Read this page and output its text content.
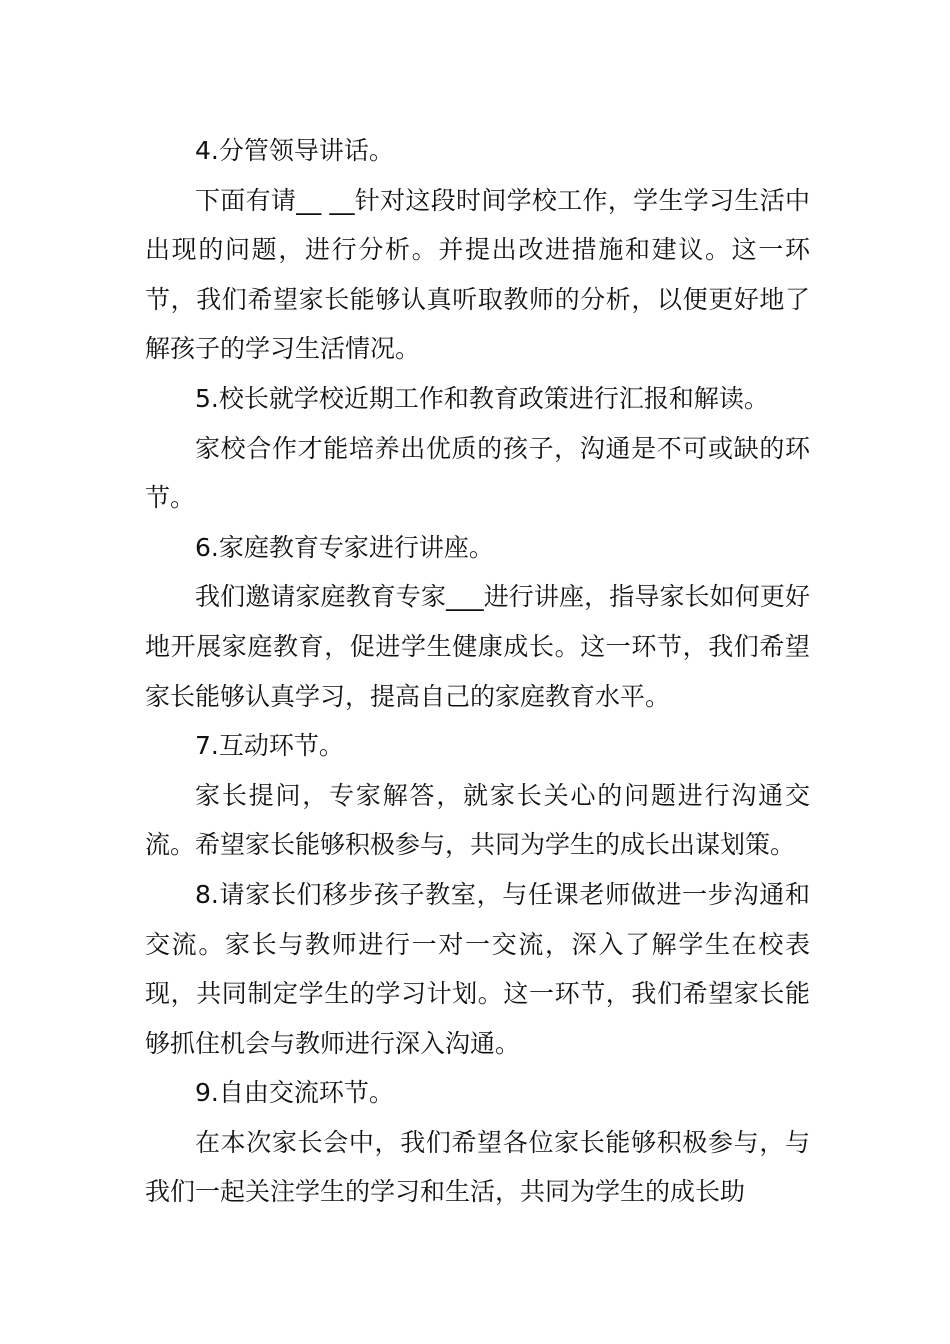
4.分管领导讲话。

下面有请__ __针对这段时间学校工作，学生学习生活中出现的问题，进行分析。并提出改进措施和建议。这一环节，我们希望家长能够认真听取教师的分析，以便更好地了解孩子的学习生活情况。

5.校长就学校近期工作和教育政策进行汇报和解读。

家校合作才能培养出优质的孩子，沟通是不可或缺的环节。

6.家庭教育专家进行讲座。

我们邀请家庭教育专家___进行讲座，指导家长如何更好地开展家庭教育，促进学生健康成长。这一环节，我们希望家长能够认真学习，提高自己的家庭教育水平。

7.互动环节。

家长提问，专家解答，就家长关心的问题进行沟通交流。希望家长能够积极参与，共同为学生的成长出谋划策。

8.请家长们移步孩子教室，与任课老师做进一步沟通和交流。家长与教师进行一对一交流，深入了解学生在校表现，共同制定学生的学习计划。这一环节，我们希望家长能够抓住机会与教师进行深入沟通。

9.自由交流环节。

在本次家长会中，我们希望各位家长能够积极参与，与我们一起关注学生的学习和生活，共同为学生的成长助
